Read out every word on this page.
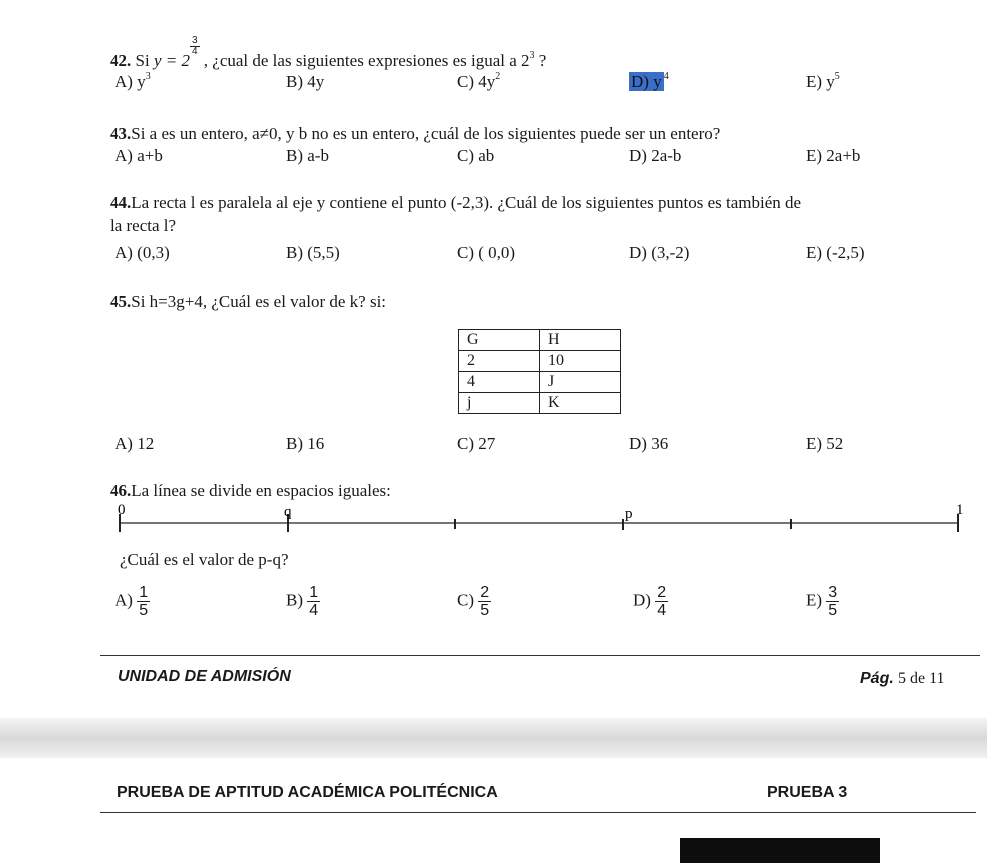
42. Si y = 2
$\frac{3}{4}$
, ¿cual de las siguientes expresiones es igual a $2^3$ ?
A) $y^3$	B) 4y	C) $4y^2$	D) y $^4$	E) $y^5$
43.Si a es un entero, a≠0, y b no es un entero, ¿cuál de los siguientes puede ser un entero?
A) a+b	B) a-b	C) ab	D) 2a-b	E) 2a+b
44.La recta l es paralela al eje y contiene el punto (-2,3). ¿Cuál de los siguientes puntos es también de
la recta l?
A) (0,3)	B) (5,5)	C) ( 0,0)	D) (3,-2)	E) (-2,5)
45.Si h=3g+4, ¿Cuál es el valor de k? si:
G	H
2	10
4	J
j	K
A) 12	B) 16	C) 27	D) 36	E) 52
46.La línea se divide en espacios iguales:
0	q	p	1
¿Cuál es el valor de p-q?
$A) \frac{1}{5}$	$B) \frac{1}{4}$	$C) \frac{2}{5}$	$D) \frac{2}{4}$	$E) \frac{3}{5}$
UNIDAD DE ADMISIÓN	Pág. 5 de 11
PRUEBA DE APTITUD ACADÉMICA POLITÉCNICA	PRUEBA 3
